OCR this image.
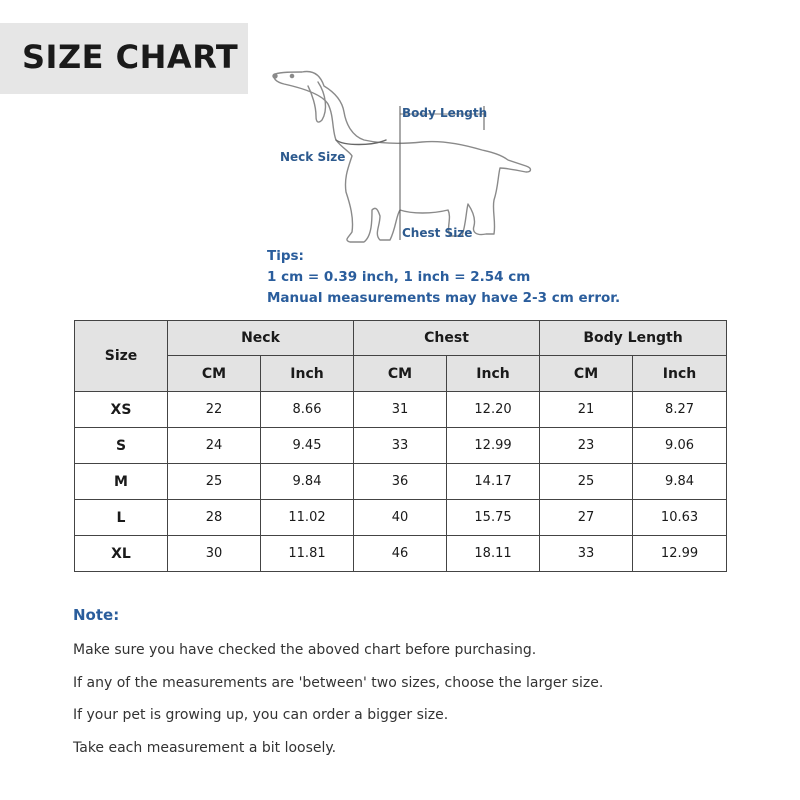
SIZE CHART
Body Length
Neck Size
Chest Size
Tips:
1 cm = 0.39 inch, 1 inch = 2.54 cm
Manual measurements may have 2-3 cm error.
Size	Neck		Chest		Body Length	
	CM	Inch	CM	Inch	CM	Inch
XS	22	8.66	31	12.20	21	8.27
S	24	9.45	33	12.99	23	9.06
M	25	9.84	36	14.17	25	9.84
L	28	11.02	40	15.75	27	10.63
XL	30	11.81	46	18.11	33	12.99
Note:
Make sure you have checked the aboved chart before purchasing.
If any of the measurements are 'between' two sizes, choose the larger size.
If your pet is growing up, you can order a bigger size.
Take each measurement a bit loosely.
